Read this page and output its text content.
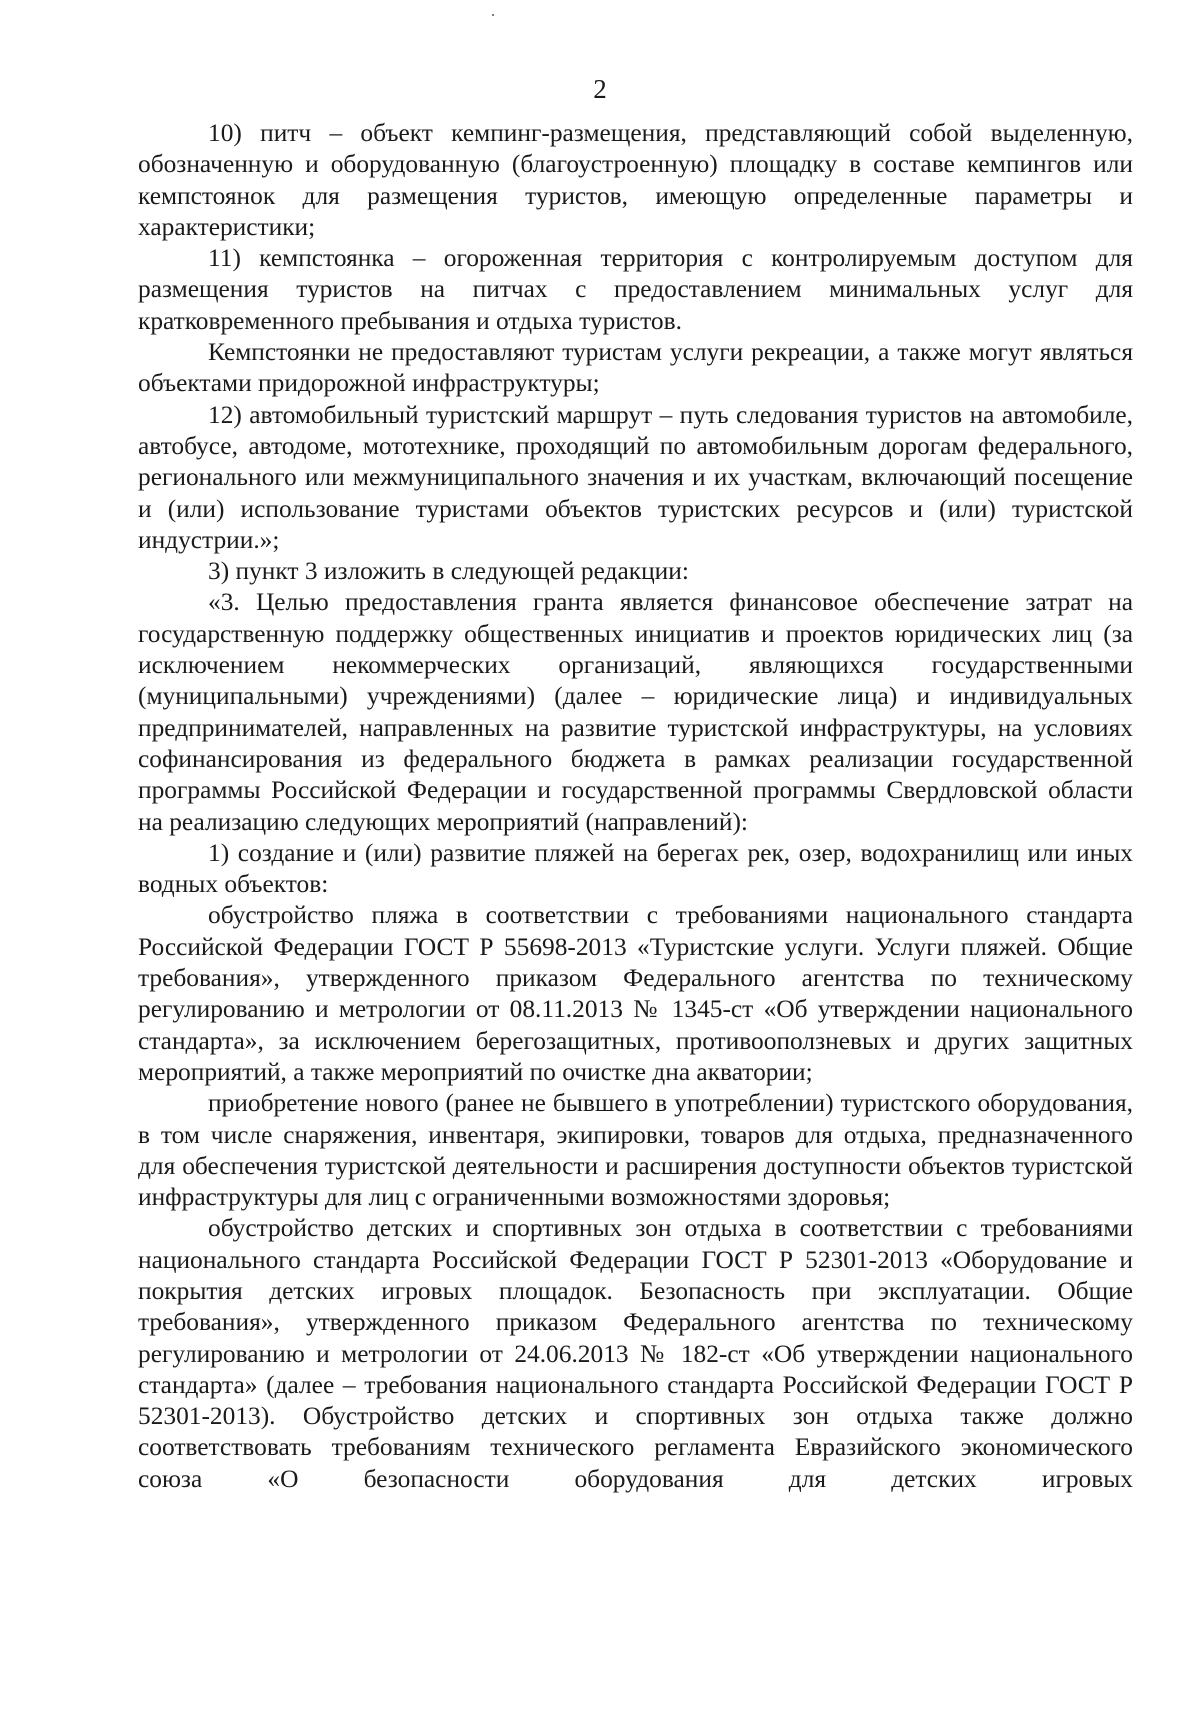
2

10) питч – объект кемпинг-размещения, представляющий собой выделенную, обозначенную и оборудованную (благоустроенную) площадку в составе кемпингов или кемпстоянок для размещения туристов, имеющую определенные параметры и характеристики;

11) кемпстоянка – огороженная территория с контролируемым доступом для размещения туристов на питчах с предоставлением минимальных услуг для кратковременного пребывания и отдыха туристов.

Кемпстоянки не предоставляют туристам услуги рекреации, а также могут являться объектами придорожной инфраструктуры;

12) автомобильный туристский маршрут – путь следования туристов на автомобиле, автобусе, автодоме, мототехнике, проходящий по автомобильным дорогам федерального, регионального или межмуниципального значения и их участкам, включающий посещение и (или) использование туристами объектов туристских ресурсов и (или) туристской индустрии.»;

3) пункт 3 изложить в следующей редакции:

«3. Целью предоставления гранта является финансовое обеспечение затрат на государственную поддержку общественных инициатив и проектов юридических лиц (за исключением некоммерческих организаций, являющихся государственными (муниципальными) учреждениями) (далее – юридические лица) и индивидуальных предпринимателей, направленных на развитие туристской инфраструктуры, на условиях софинансирования из федерального бюджета в рамках реализации государственной программы Российской Федерации и государственной программы Свердловской области на реализацию следующих мероприятий (направлений):

1) создание и (или) развитие пляжей на берегах рек, озер, водохранилищ или иных водных объектов:

обустройство пляжа в соответствии с требованиями национального стандарта Российской Федерации ГОСТ Р 55698-2013 «Туристские услуги. Услуги пляжей. Общие требования», утвержденного приказом Федерального агентства по техническому регулированию и метрологии от 08.11.2013 № 1345-ст «Об утверждении национального стандарта», за исключением берегозащитных, противооползневых и других защитных мероприятий, а также мероприятий по очистке дна акватории;

приобретение нового (ранее не бывшего в употреблении) туристского оборудования, в том числе снаряжения, инвентаря, экипировки, товаров для отдыха, предназначенного для обеспечения туристской деятельности и расширения доступности объектов туристской инфраструктуры для лиц с ограниченными возможностями здоровья;

обустройство детских и спортивных зон отдыха в соответствии с требованиями национального стандарта Российской Федерации ГОСТ Р 52301-2013 «Оборудование и покрытия детских игровых площадок. Безопасность при эксплуатации. Общие требования», утвержденного приказом Федерального агентства по техническому регулированию и метрологии от 24.06.2013 № 182-ст «Об утверждении национального стандарта» (далее – требования национального стандарта Российской Федерации ГОСТ Р 52301-2013). Обустройство детских и спортивных зон отдыха также должно соответствовать требованиям технического регламента Евразийского экономического союза «О безопасности оборудования для детских игровых
